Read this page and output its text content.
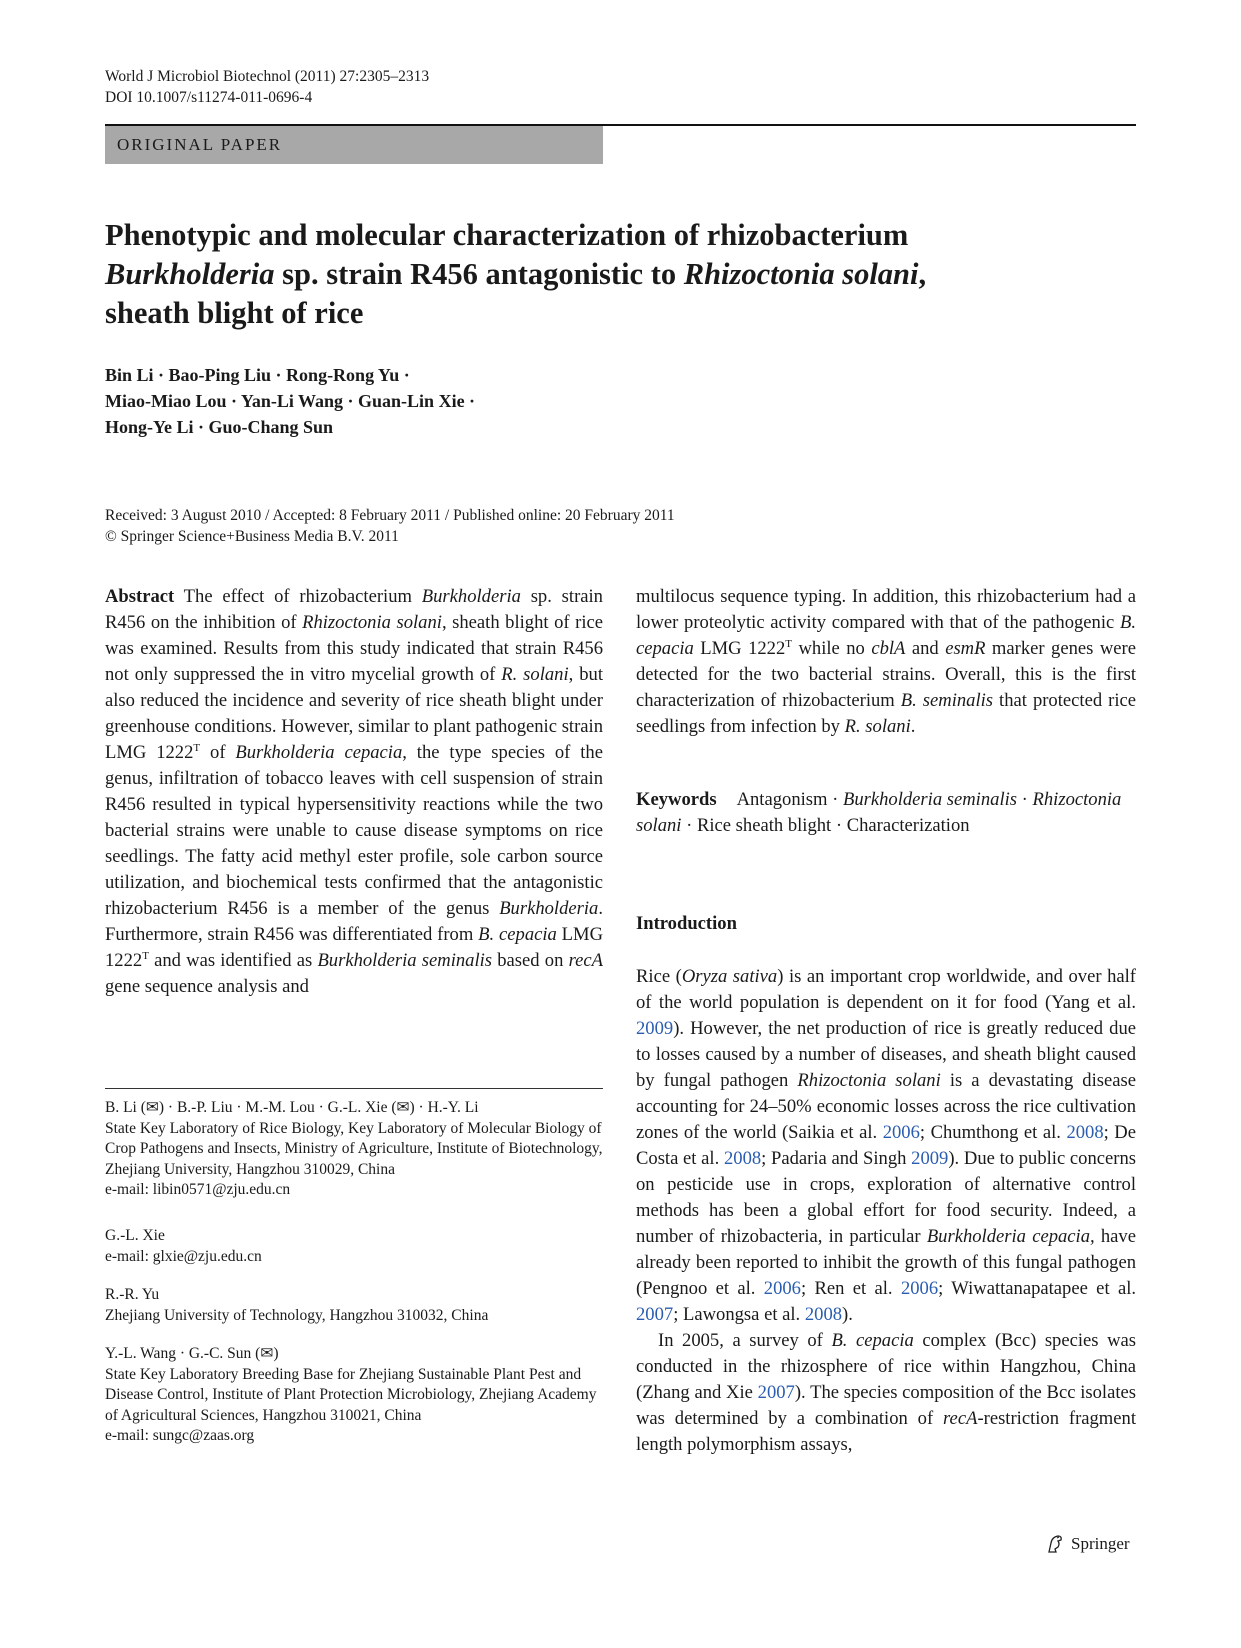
World J Microbiol Biotechnol (2011) 27:2305–2313
DOI 10.1007/s11274-011-0696-4
ORIGINAL PAPER
Phenotypic and molecular characterization of rhizobacterium
Burkholderia sp. strain R456 antagonistic to Rhizoctonia solani,
sheath blight of rice
Bin Li · Bao-Ping Liu · Rong-Rong Yu ·
Miao-Miao Lou · Yan-Li Wang · Guan-Lin Xie ·
Hong-Ye Li · Guo-Chang Sun
Received: 3 August 2010 / Accepted: 8 February 2011 / Published online: 20 February 2011
© Springer Science+Business Media B.V. 2011

Abstract The effect of rhizobacterium Burkholderia sp. strain R456 on the inhibition of Rhizoctonia solani, sheath blight of rice was examined. Results from this study indicated that strain R456 not only suppressed the in vitro mycelial growth of R. solani, but also reduced the incidence and severity of rice sheath blight under greenhouse conditions. However, similar to plant pathogenic strain LMG $1222^T$ of Burkholderia cepacia, the type species of the genus, infiltration of tobacco leaves with cell suspension of strain R456 resulted in typical hypersensitivity reactions while the two bacterial strains were unable to cause disease symptoms on rice seedlings. The fatty acid methyl ester profile, sole carbon source utilization, and biochemical tests confirmed that the antagonistic rhizobacterium R456 is a member of the genus Burkholderia. Furthermore, strain R456 was differentiated from B. cepacia LMG $1222^T$ and was identified as Burkholderia seminalis based on recA gene sequence analysis and

B. Li (✉) · B.-P. Liu · M.-M. Lou · G.-L. Xie (✉) · H.-Y. Li
State Key Laboratory of Rice Biology, Key Laboratory of Molecular Biology of Crop Pathogens and Insects, Ministry of Agriculture, Institute of Biotechnology, Zhejiang University, Hangzhou 310029, China
e-mail: libin0571@zju.edu.cn
G.-L. Xie
e-mail: glxie@zju.edu.cn
R.-R. Yu
Zhejiang University of Technology, Hangzhou 310032, China
Y.-L. Wang · G.-C. Sun (✉)
State Key Laboratory Breeding Base for Zhejiang Sustainable Plant Pest and Disease Control, Institute of Plant Protection Microbiology, Zhejiang Academy of Agricultural Sciences, Hangzhou 310021, China
e-mail: sungc@zaas.org

multilocus sequence typing. In addition, this rhizobacterium had a lower proteolytic activity compared with that of the pathogenic B. cepacia LMG $1222^T$ while no cblA and esmR marker genes were detected for the two bacterial strains. Overall, this is the first characterization of rhizobacterium B. seminalis that protected rice seedlings from infection by R. solani.

Keywords Antagonism · Burkholderia seminalis · Rhizoctonia solani · Rice sheath blight · Characterization

Introduction

Rice (Oryza sativa) is an important crop worldwide, and over half of the world population is dependent on it for food (Yang et al. 2009). However, the net production of rice is greatly reduced due to losses caused by a number of diseases, and sheath blight caused by fungal pathogen Rhizoctonia solani is a devastating disease accounting for 24–50% economic losses across the rice cultivation zones of the world (Saikia et al. 2006; Chumthong et al. 2008; De Costa et al. 2008; Padaria and Singh 2009). Due to public concerns on pesticide use in crops, exploration of alternative control methods has been a global effort for food security. Indeed, a number of rhizobacteria, in particular Burkholderia cepacia, have already been reported to inhibit the growth of this fungal pathogen (Pengnoo et al. 2006; Ren et al. 2006; Wiwattanapatapee et al. 2007; Lawongsa et al. 2008).

In 2005, a survey of B. cepacia complex (Bcc) species was conducted in the rhizosphere of rice within Hangzhou, China (Zhang and Xie 2007). The species composition of the Bcc isolates was determined by a combination of recA-restriction fragment length polymorphism assays,

Springer
